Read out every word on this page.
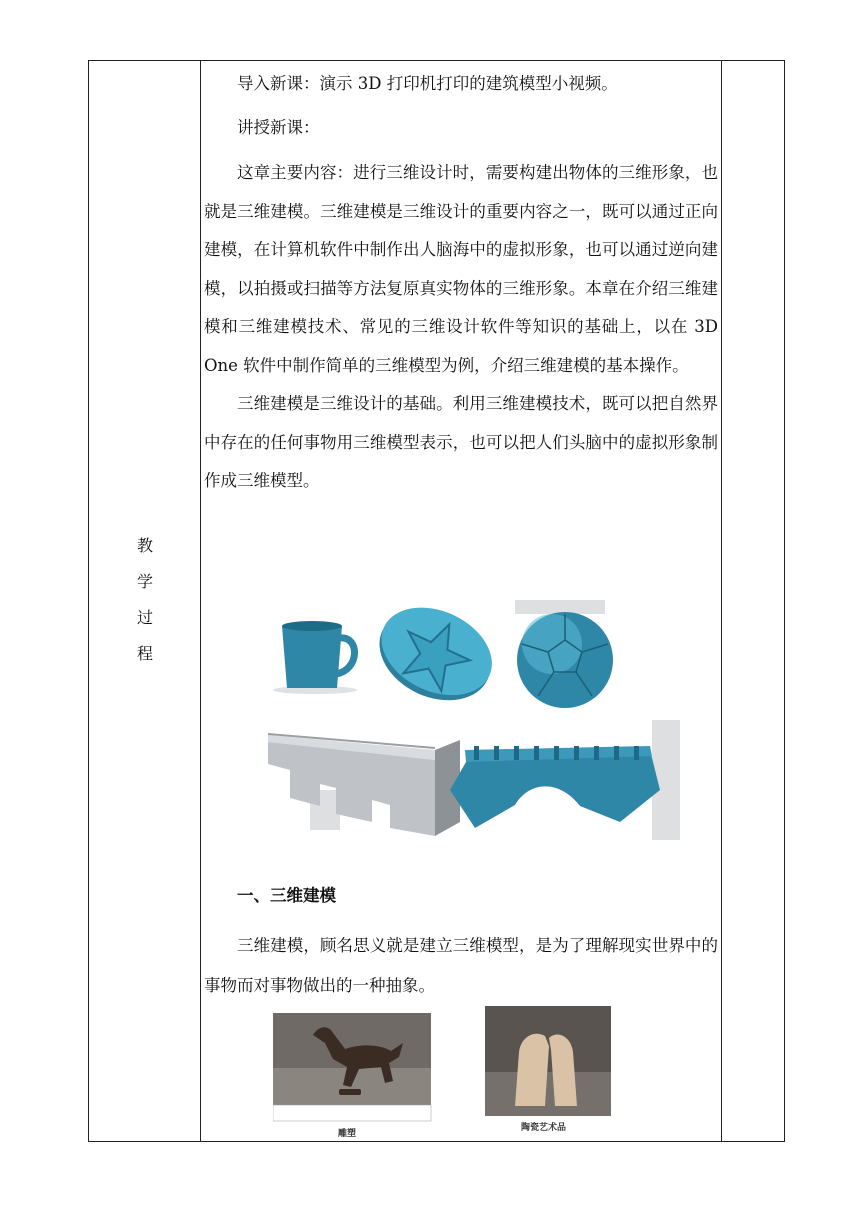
教
学
过
程

导入新课：演示 3D 打印机打印的建筑模型小视频。

讲授新课：

这章主要内容：进行三维设计时，需要构建出物体的三维形象，也就是三维建模。三维建模是三维设计的重要内容之一，既可以通过正向建模，在计算机软件中制作出人脑海中的虚拟形象，也可以通过逆向建模，以拍摄或扫描等方法复原真实物体的三维形象。本章在介绍三维建模和三维建模技术、常见的三维设计软件等知识的基础上，以在 3D One 软件中制作简单的三维模型为例，介绍三维建模的基本操作。

三维建模是三维设计的基础。利用三维建模技术，既可以把自然界中存在的任何事物用三维模型表示，也可以把人们头脑中的虚拟形象制作成三维模型。

一、三维建模

三维建模，顾名思义就是建立三维模型，是为了理解现实世界中的事物而对事物做出的一种抽象。

雕塑
陶瓷艺术品
